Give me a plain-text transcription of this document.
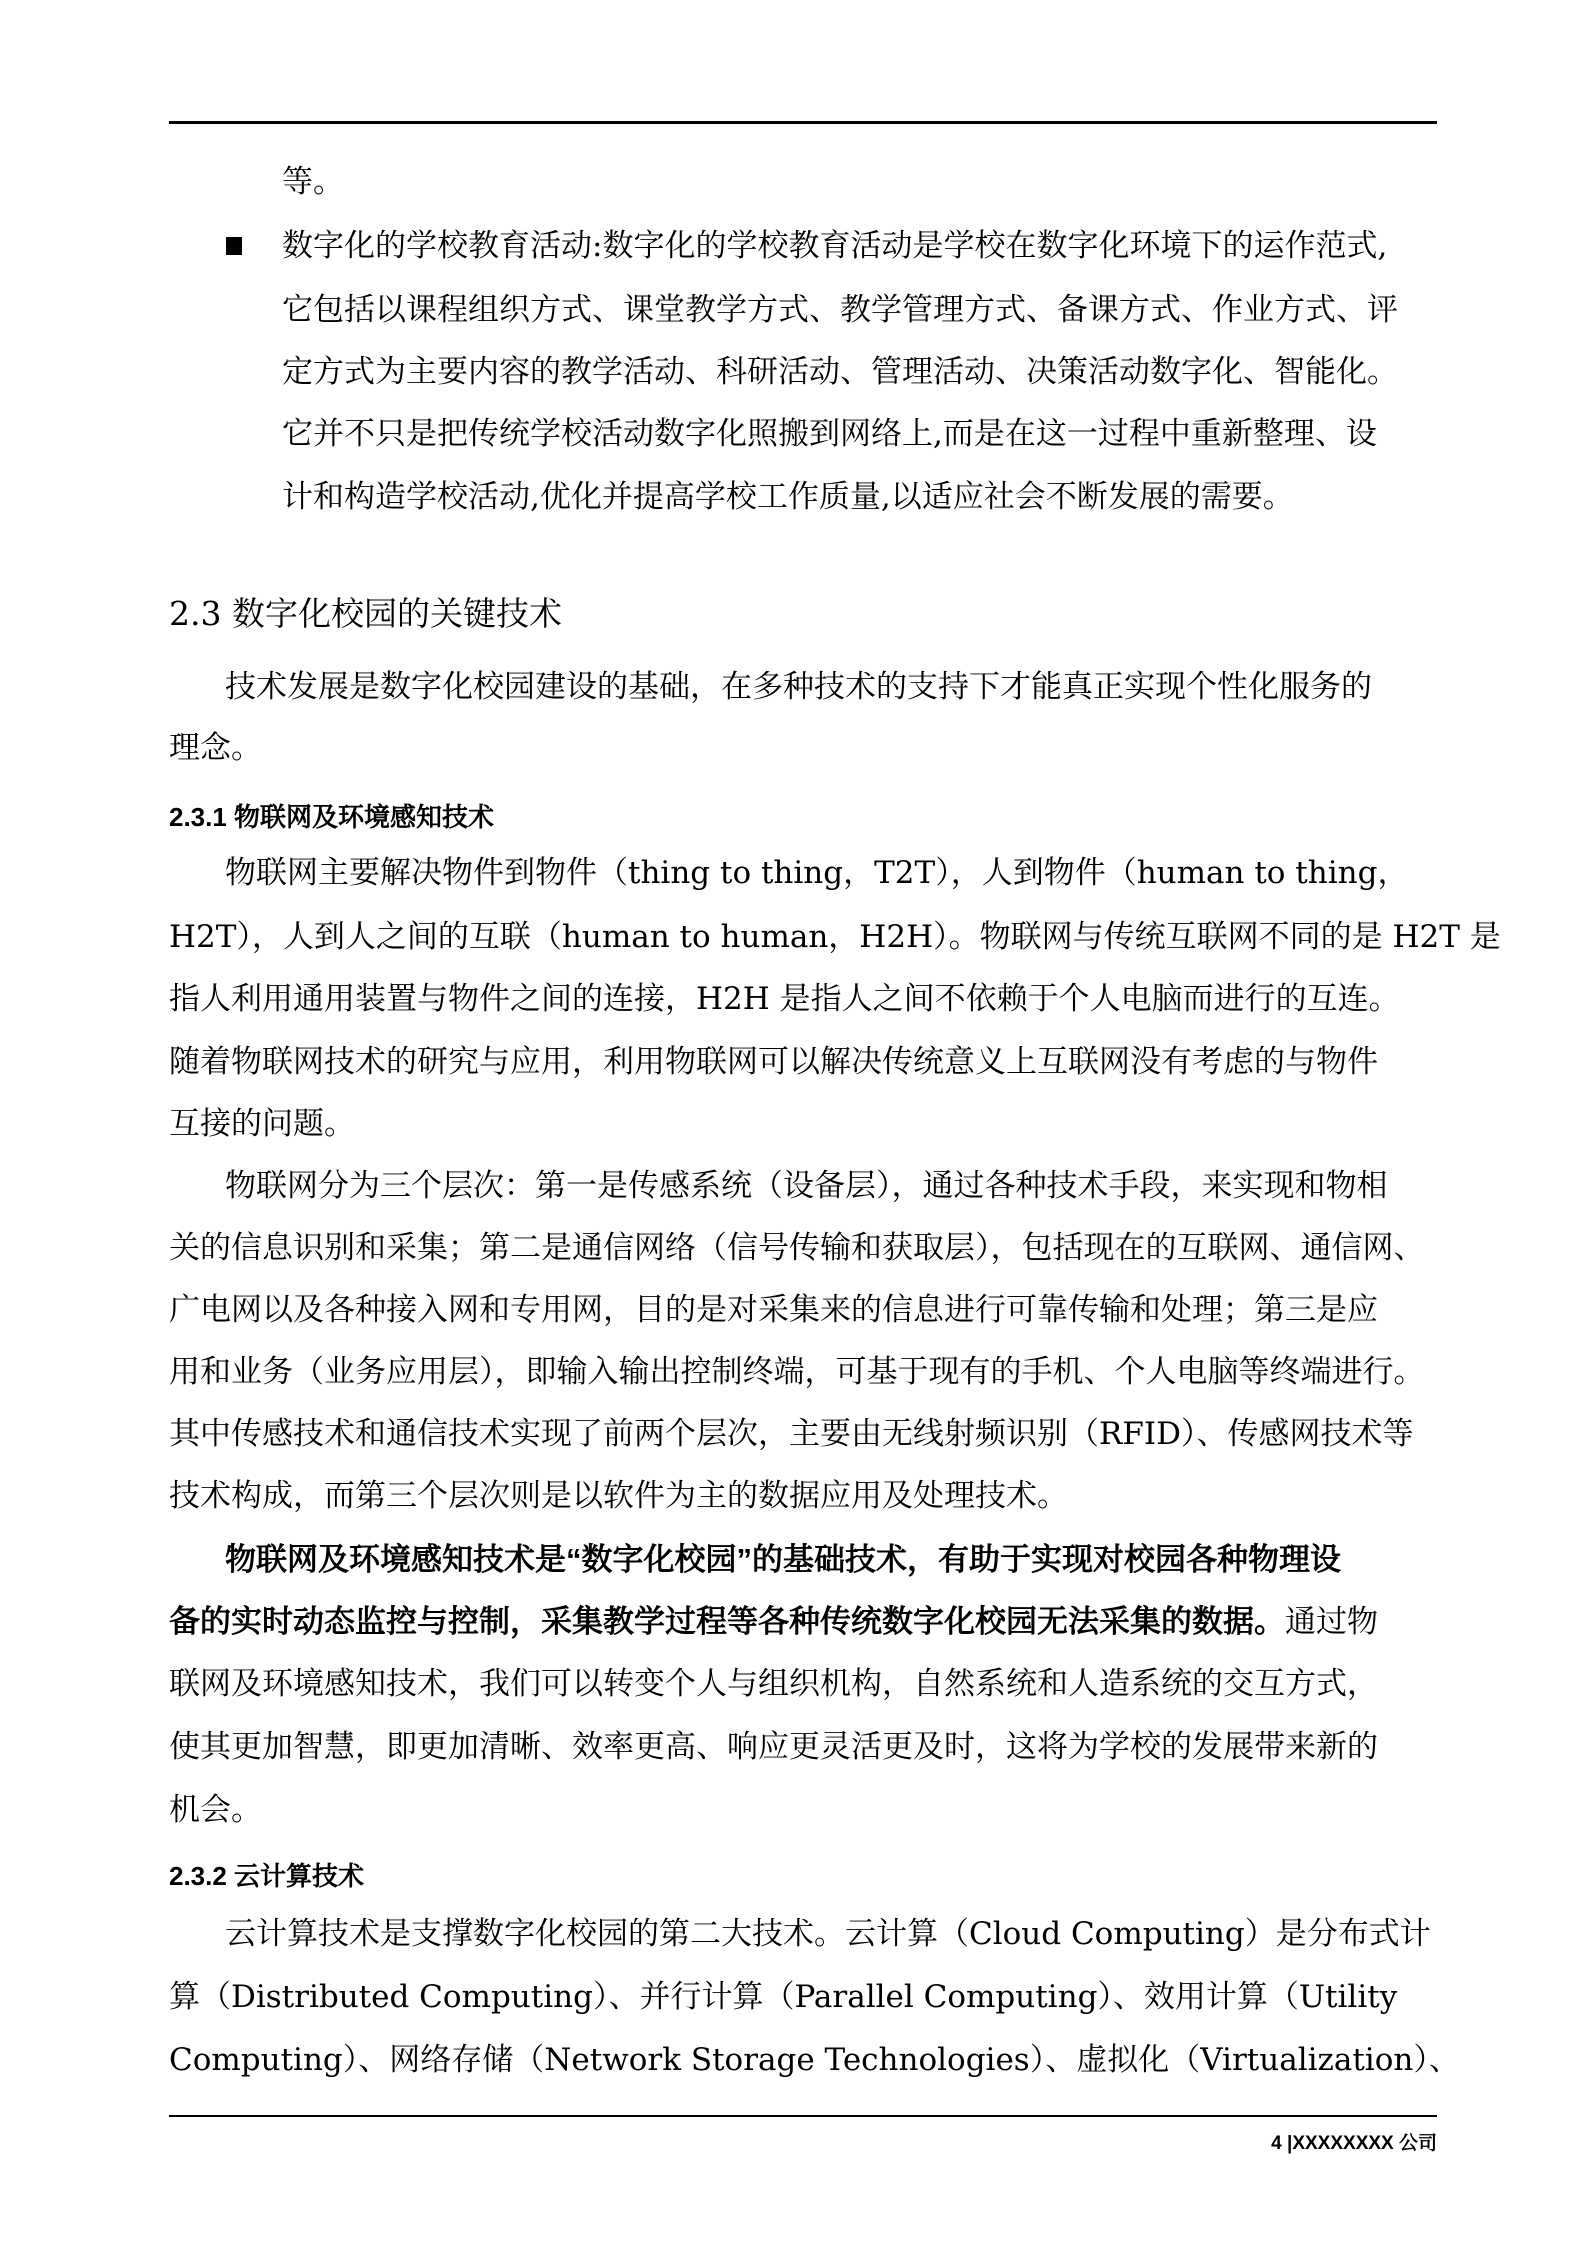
等。
数字化的学校教育活动:数字化的学校教育活动是学校在数字化环境下的运作范式,
它包括以课程组织方式、课堂教学方式、教学管理方式、备课方式、作业方式、评
定方式为主要内容的教学活动、科研活动、管理活动、决策活动数字化、智能化。
它并不只是把传统学校活动数字化照搬到网络上,而是在这一过程中重新整理、设
计和构造学校活动,优化并提高学校工作质量,以适应社会不断发展的需要。
2.3 数字化校园的关键技术
技术发展是数字化校园建设的基础，在多种技术的支持下才能真正实现个性化服务的
理念。
2.3.1 物联网及环境感知技术
物联网主要解决物件到物件（thing to thing，T2T），人到物件（human to thing，
H2T），人到人之间的互联（human to human，H2H）。物联网与传统互联网不同的是 H2T 是
指人利用通用装置与物件之间的连接，H2H 是指人之间不依赖于个人电脑而进行的互连。
随着物联网技术的研究与应用，利用物联网可以解决传统意义上互联网没有考虑的与物件
互接的问题。
物联网分为三个层次：第一是传感系统（设备层），通过各种技术手段，来实现和物相
关的信息识别和采集；第二是通信网络（信号传输和获取层），包括现在的互联网、通信网、
广电网以及各种接入网和专用网，目的是对采集来的信息进行可靠传输和处理；第三是应
用和业务（业务应用层），即输入输出控制终端，可基于现有的手机、个人电脑等终端进行。
其中传感技术和通信技术实现了前两个层次，主要由无线射频识别（RFID）、传感网技术等
技术构成，而第三个层次则是以软件为主的数据应用及处理技术。
物联网及环境感知技术是“数字化校园”的基础技术，有助于实现对校园各种物理设
备的实时动态监控与控制，采集教学过程等各种传统数字化校园无法采集的数据。通过物
联网及环境感知技术，我们可以转变个人与组织机构，自然系统和人造系统的交互方式，
使其更加智慧，即更加清晰、效率更高、响应更灵活更及时，这将为学校的发展带来新的
机会。
2.3.2 云计算技术
云计算技术是支撑数字化校园的第二大技术。云计算（Cloud Computing）是分布式计
算（Distributed Computing）、并行计算（Parallel Computing）、效用计算（Utility
Computing）、网络存储（Network Storage Technologies）、虚拟化（Virtualization）、
4 |XXXXXXXX 公司
